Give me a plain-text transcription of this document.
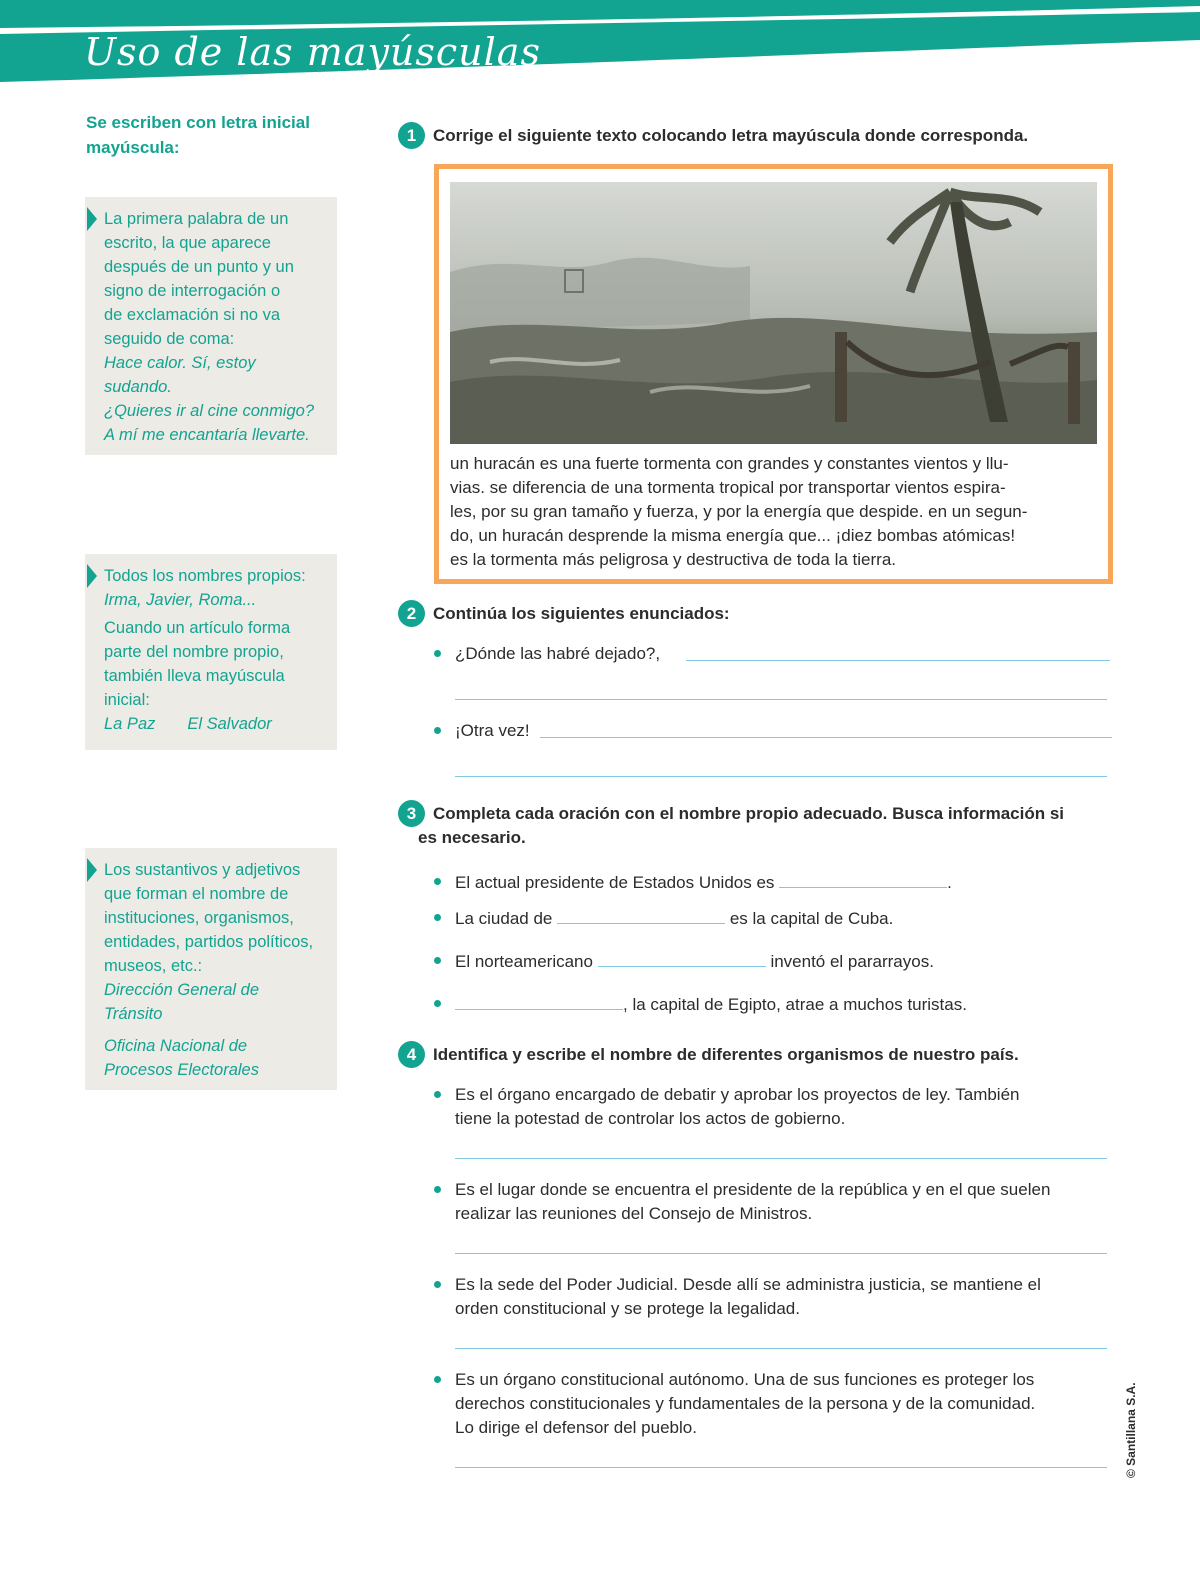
Uso de las mayúsculas
Se escriben con letra inicial mayúscula:

La primera palabra de un

escrito, la que aparece

después de un punto y un

signo de interrogación o

de exclamación si no va

seguido de coma:

Hace calor. Sí, estoy

sudando.

¿Quieres ir al cine conmigo?

A mí me encantaría llevarte.

Todos los nombres propios:

Irma, Javier, Roma...

Cuando un artículo forma

parte del nombre propio,

también lleva mayúscula

inicial:

La Paz El Salvador

Los sustantivos y adjetivos

que forman el nombre de

instituciones, organismos,

entidades, partidos políticos,

museos, etc.:

Dirección General de

Tránsito

Oficina Nacional de

Procesos Electorales

1 Corrige el siguiente texto colocando letra mayúscula donde corresponda.
un huracán es una fuerte tormenta con grandes y constantes vientos y llu-
vias. se diferencia de una tormenta tropical por transportar vientos espira-
les, por su gran tamaño y fuerza, y por la energía que despide. en un segun-
do, un huracán desprende la misma energía que... ¡diez bombas atómicas!
es la tormenta más peligrosa y destructiva de toda la tierra.
2 Continúa los siguientes enunciados:
¿Dónde las habré dejado?,
¡Otra vez!
3 Completa cada oración con el nombre propio adecuado. Busca información si
es necesario.
El actual presidente de Estados Unidos es	.
La ciudad de	es la capital de Cuba.
El norteamericano	inventó el pararrayos.
, la capital de Egipto, atrae a muchos turistas.
4 Identifica y escribe el nombre de diferentes organismos de nuestro país.
Es el órgano encargado de debatir y aprobar los proyectos de ley. También
tiene la potestad de controlar los actos de gobierno.
Es el lugar donde se encuentra el presidente de la república y en el que suelen
realizar las reuniones del Consejo de Ministros.
Es la sede del Poder Judicial. Desde allí se administra justicia, se mantiene el
orden constitucional y se protege la legalidad.
Es un órgano constitucional autónomo. Una de sus funciones es proteger los
derechos constitucionales y fundamentales de la persona y de la comunidad.
Lo dirige el defensor del pueblo.	© Santillana S.A.
